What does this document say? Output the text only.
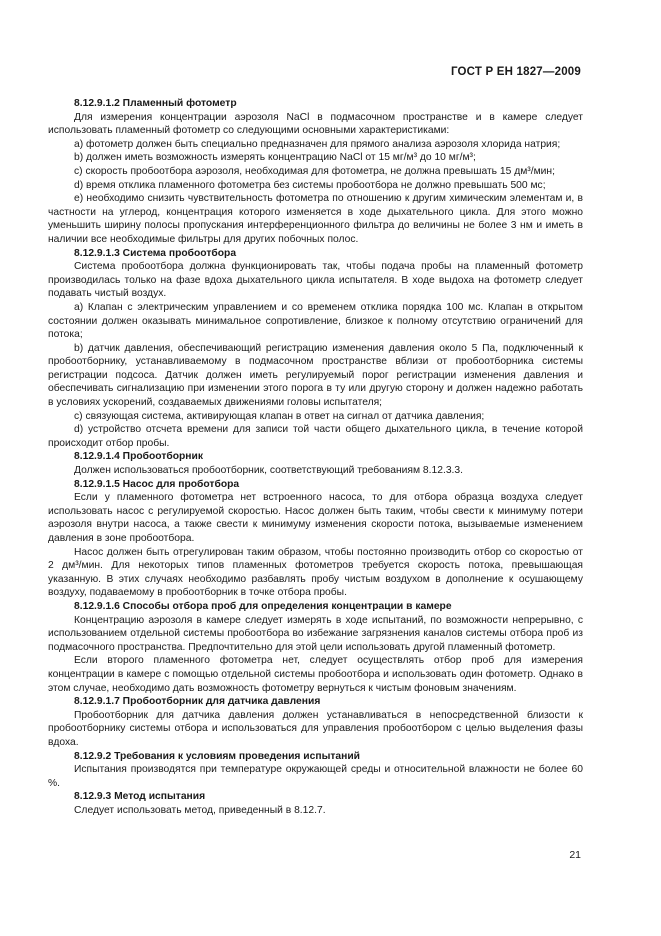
ГОСТ Р ЕН 1827—2009

8.12.9.1.2 Пламенный фотометр

Для измерения концентрации аэрозоля NaCl в подмасочном пространстве и в камере следует использовать пламенный фотометр со следующими основными характеристиками:

а) фотометр должен быть специально предназначен для прямого анализа аэрозоля хлорида натрия;

b) должен иметь возможность измерять концентрацию NaCl от 15 мг/м³ до 10 мг/м³;

с) скорость пробоотбора аэрозоля, необходимая для фотометра, не должна превышать 15 дм³/мин;

d) время отклика пламенного фотометра без системы пробоотбора не должно превышать 500 мс;

е) необходимо снизить чувствительность фотометра по отношению к другим химическим элементам и, в частности на углерод, концентрация которого изменяется в ходе дыхательного цикла. Для этого можно уменьшить ширину полосы пропускания интерференционного фильтра до величины не более 3 нм и иметь в наличии все необходимые фильтры для других побочных полос.

8.12.9.1.3 Система пробоотбора

Система пробоотбора должна функционировать так, чтобы подача пробы на пламенный фотометр производилась только на фазе вдоха дыхательного цикла испытателя. В ходе выдоха на фотометр следует подавать чистый воздух.

а) Клапан с электрическим управлением и со временем отклика порядка 100 мс. Клапан в открытом состоянии должен оказывать минимальное сопротивление, близкое к полному отсутствию ограничений для потока;

b) датчик давления, обеспечивающий регистрацию изменения давления около 5 Па, подключенный к пробоотборнику, устанавливаемому в подмасочном пространстве вблизи от пробоотборника системы регистрации подсоса. Датчик должен иметь регулируемый порог регистрации изменения давления и обеспечивать сигнализацию при изменении этого порога в ту или другую сторону и должен надежно работать в условиях ускорений, создаваемых движениями головы испытателя;

с) связующая система, активирующая клапан в ответ на сигнал от датчика давления;

d) устройство отсчета времени для записи той части общего дыхательного цикла, в течение которой происходит отбор пробы.

8.12.9.1.4 Пробоотборник

Должен использоваться пробоотборник, соответствующий требованиям 8.12.3.3.

8.12.9.1.5 Насос для проботбора

Если у пламенного фотометра нет встроенного насоса, то для отбора образца воздуха следует использовать насос с регулируемой скоростью. Насос должен быть таким, чтобы свести к минимуму потери аэрозоля внутри насоса, а также свести к минимуму изменения скорости потока, вызываемые изменением давления в зоне пробоотбора.

Насос должен быть отрегулирован таким образом, чтобы постоянно производить отбор со скоростью от 2 дм³/мин. Для некоторых типов пламенных фотометров требуется скорость потока, превышающая указанную. В этих случаях необходимо разбавлять пробу чистым воздухом в дополнение к осушающему воздуху, подаваемому в пробоотборник в точке отбора пробы.

8.12.9.1.6 Способы отбора проб для определения концентрации в камере

Концентрацию аэрозоля в камере следует измерять в ходе испытаний, по возможности непрерывно, с использованием отдельной системы пробоотбора во избежание загрязнения каналов системы отбора проб из подмасочного пространства. Предпочтительно для этой цели использовать другой пламенный фотометр.

Если второго пламенного фотометра нет, следует осуществлять отбор проб для измерения концентрации в камере с помощью отдельной системы пробоотбора и использовать один фотометр. Однако в этом случае, необходимо дать возможность фотометру вернуться к чистым фоновым значениям.

8.12.9.1.7 Пробоотборник для датчика давления

Пробоотборник для датчика давления должен устанавливаться в непосредственной близости к пробоотборнику системы отбора и использоваться для управления пробоотбором с целью выделения фазы вдоха.

8.12.9.2 Требования к условиям проведения испытаний

Испытания производятся при температуре окружающей среды и относительной влажности не более 60 %.

8.12.9.3 Метод испытания

Следует использовать метод, приведенный в 8.12.7.

21
